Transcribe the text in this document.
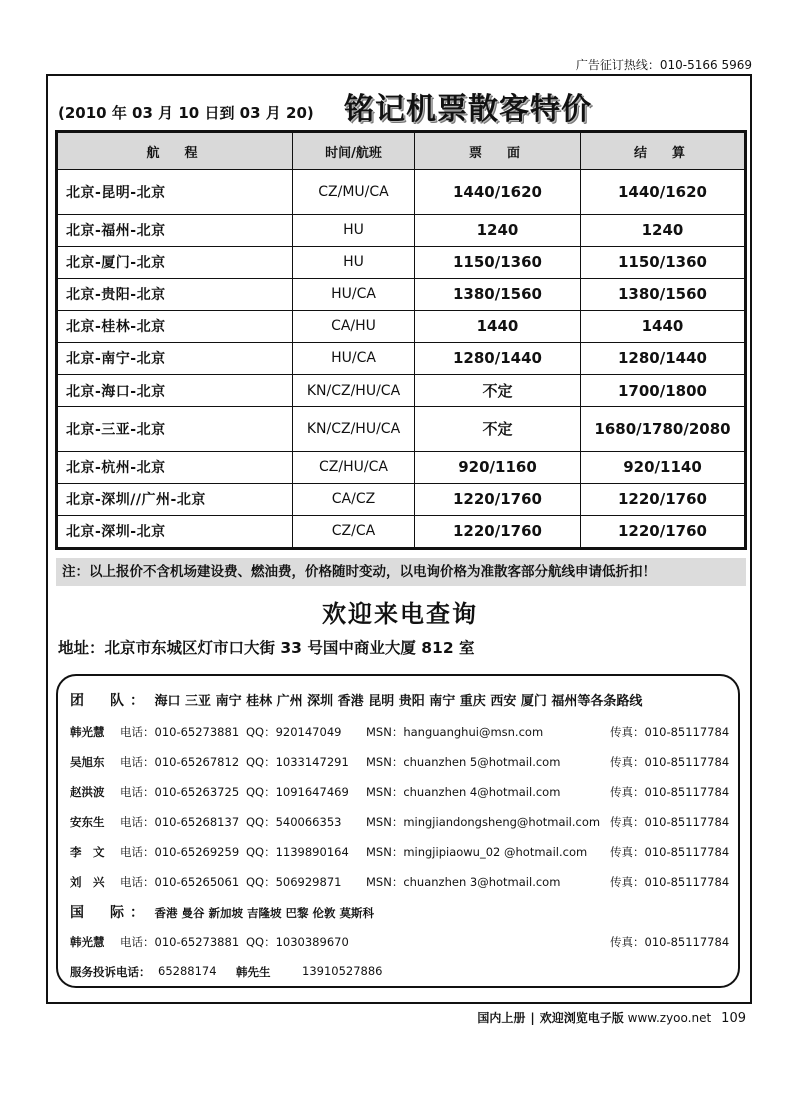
广告征订热线：010-5166 5969
(2010 年 03 月 10 日到 03 月 20) 铭记机票散客特价
航　程	时间/航班	票　面	结　算
北京-昆明-北京	CZ/MU/CA	1440/1620	1440/1620
北京-福州-北京	HU	1240	1240
北京-厦门-北京	HU	1150/1360	1150/1360
北京-贵阳-北京	HU/CA	1380/1560	1380/1560
北京-桂林-北京	CA/HU	1440	1440
北京-南宁-北京	HU/CA	1280/1440	1280/1440
北京-海口-北京	KN/CZ/HU/CA	不定	1700/1800
北京-三亚-北京	KN/CZ/HU/CA	不定	1680/1780/2080
北京-杭州-北京	CZ/HU/CA	920/1160	920/1140
北京-深圳//广州-北京	CA/CZ	1220/1760	1220/1760
北京-深圳-北京	CZ/CA	1220/1760	1220/1760
注：以上报价不含机场建设费、燃油费，价格随时变动，以电询价格为准散客部分航线申请低折扣！
欢迎来电查询
地址：北京市东城区灯市口大街 33 号国中商业大厦 812 室
团　队： 海口 三亚 南宁 桂林 广州 深圳 香港 昆明 贵阳 南宁 重庆 西安 厦门 福州等各条路线
韩光慧 电话：010-65273881 QQ：920147049 MSN：hanguanghui@msn.com	传真：010-85117784
吴旭东 电话：010-65267812 QQ：1033147291 MSN：chuanzhen 5@hotmail.com	传真：010-85117784
赵洪波 电话：010-65263725 QQ：1091647469 MSN：chuanzhen 4@hotmail.com	传真：010-85117784
安东生 电话：010-65268137 QQ：540066353 MSN：mingjiandongsheng@hotmail.com 传真：010-85117784
李　文 电话：010-65269259 QQ：1139890164 MSN：mingjipiaowu_02 @hotmail.com 传真：010-85117784
刘　兴 电话：010-65265061 QQ：506929871 MSN：chuanzhen 3@hotmail.com	传真：010-85117784
国　际： 香港 曼谷 新加坡 吉隆坡 巴黎 伦敦 莫斯科
韩光慧 电话：010-65273881 QQ：1030389670	传真：010-85117784
服务投诉电话： 65288174 韩先生	13910527886
国内上册 | 欢迎浏览电子版 www.zyoo.net 109
